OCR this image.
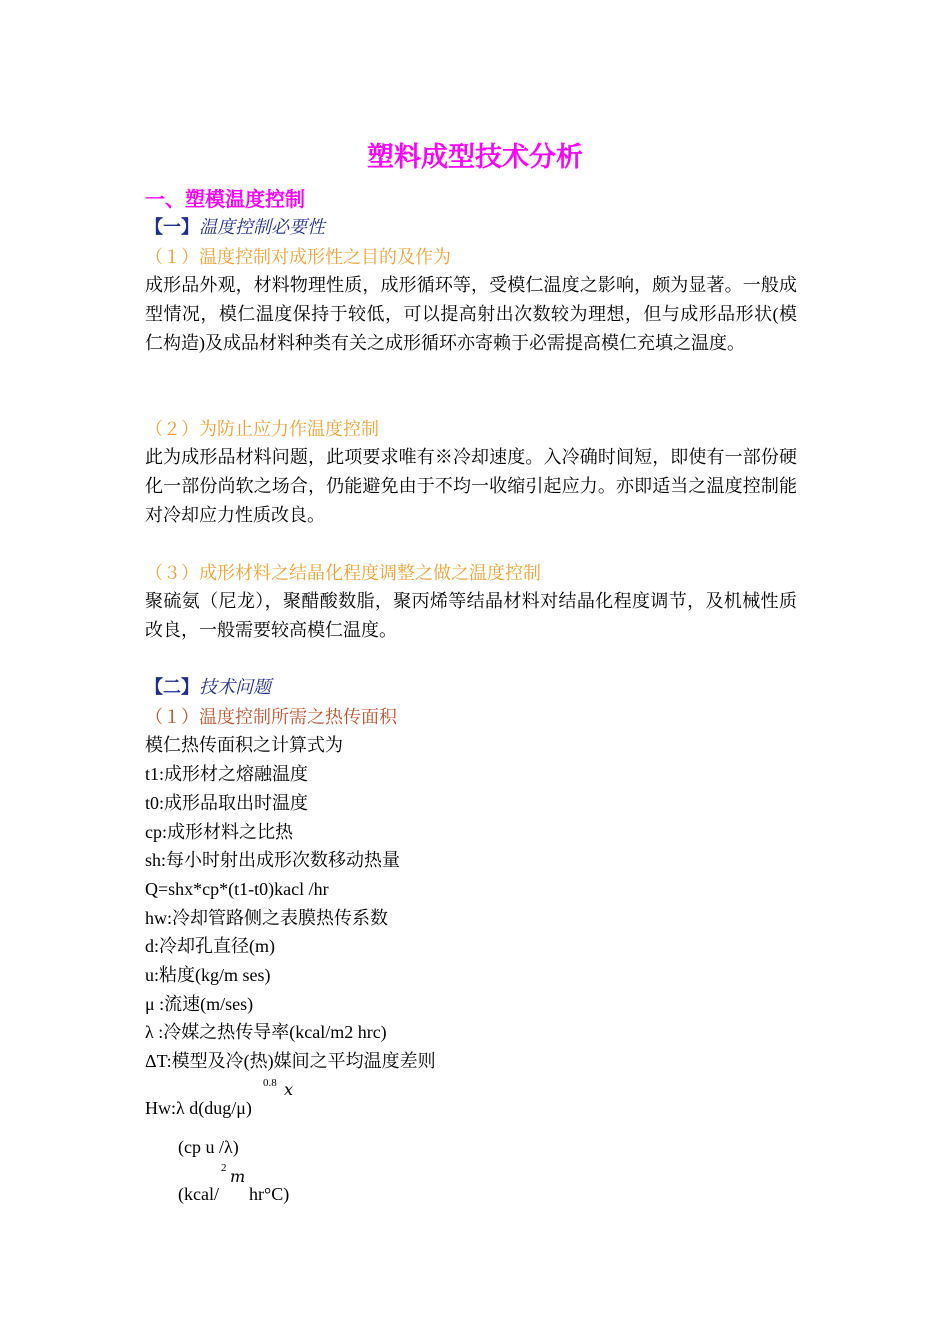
塑料成型技术分析
一、塑模温度控制
【一】温度控制必要性
（１）温度控制对成形性之目的及作为
成形品外观，材料物理性质，成形循环等，受模仁温度之影响，颇为显著。一般成型情况，模仁温度保持于较低，可以提高射出次数较为理想，但与成形品形状(模仁构造)及成品材料种类有关之成形循环亦寄赖于必需提高模仁充填之温度。
（２）为防止应力作温度控制
此为成形品材料问题，此项要求唯有※冷却速度。入冷确时间短，即使有一部份硬化一部份尚软之场合，仍能避免由于不均一收缩引起应力。亦即适当之温度控制能对冷却应力性质改良。
（３）成形材料之结晶化程度调整之做之温度控制
聚硫氨（尼龙），聚醋酸数脂，聚丙烯等结晶材料对结晶化程度调节，及机械性质改良，一般需要较高模仁温度。
【二】技术问题
（１）温度控制所需之热传面积
模仁热传面积之计算式为
t1:成形材之熔融温度
t0:成形品取出时温度
cp:成形材料之比热
sh:每小时射出成形次数移动热量
Q=shx*cp*(t1-t0)kacl /hr
hw:冷却管路侧之表膜热传系数
d:冷却孔直径(m)
u:粘度(kg/m ses)
μ :流速(m/ses)
λ :冷媒之热传导率(kcal/m2 hrc)
ΔT:模型及冷(热)媒间之平均温度差则
0.8 x
Hw:λ d(dug/μ)
(cp u /λ)
(kcal/
2 m
hr°C)
